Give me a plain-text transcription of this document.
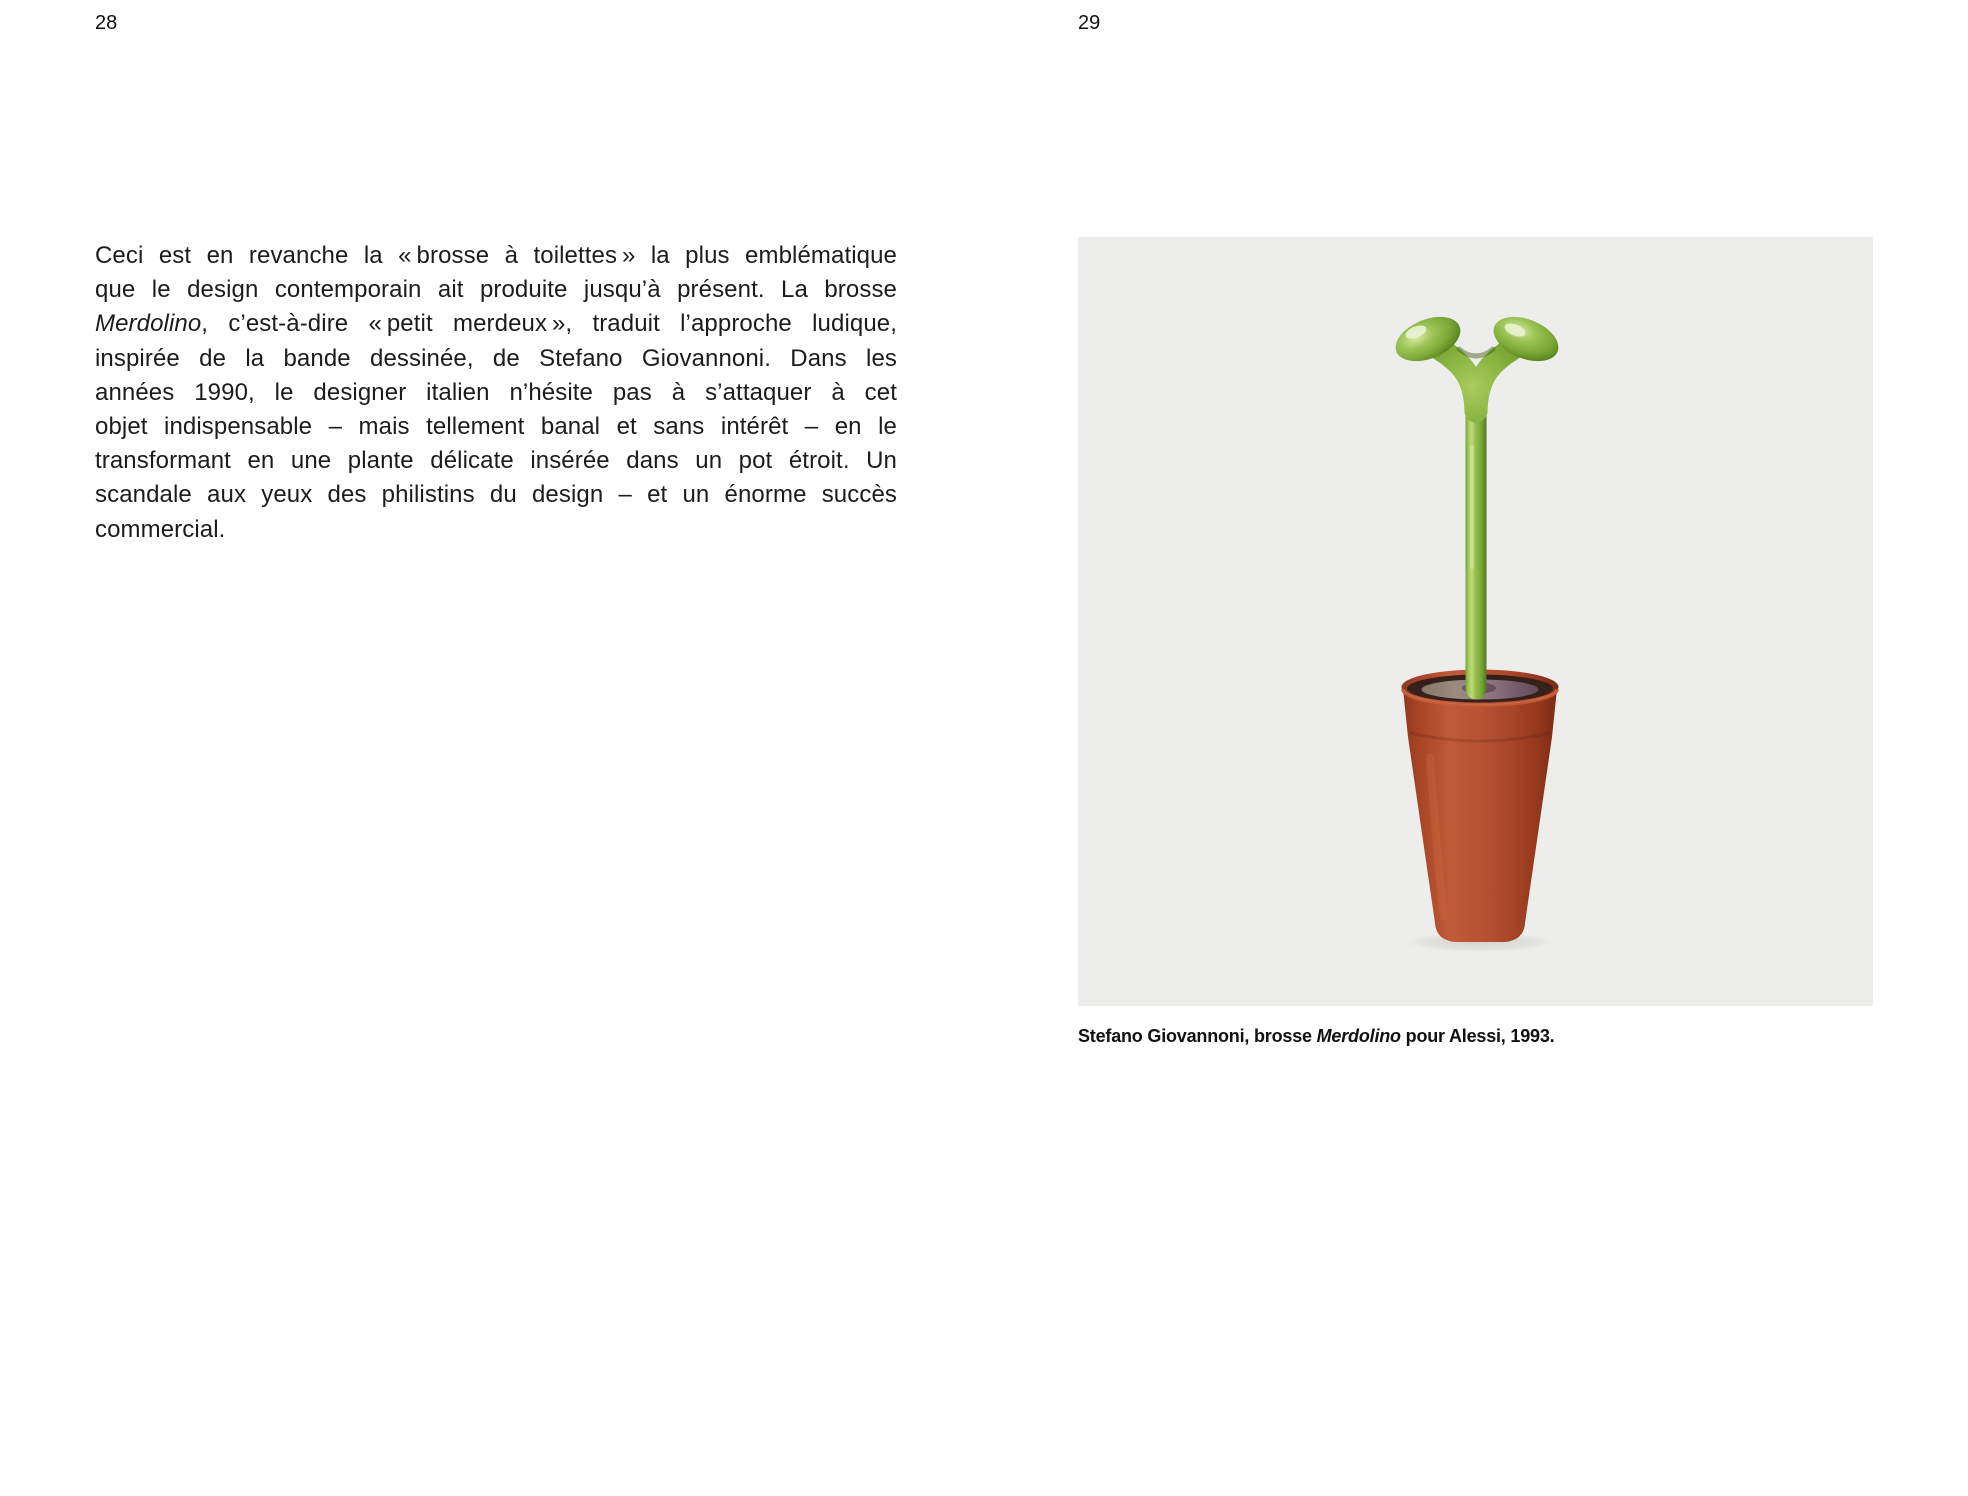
28	29
Ceci est en revanche la « brosse à toilettes » la plus emblématique
que le design contemporain ait produite jusqu’à présent. La brosse
Merdolino, c’est-à-dire « petit merdeux », traduit l’approche ludique,
inspirée de la bande dessinée, de Stefano Giovannoni. Dans les
années 1990, le designer italien n’hésite pas à s’attaquer à cet
objet indispensable – mais tellement banal et sans intérêt – en le
transformant en une plante délicate insérée dans un pot étroit. Un
scandale aux yeux des philistins du design – et un énorme succès
commercial.
Stefano Giovannoni, brosse Merdolino pour Alessi, 1993.
